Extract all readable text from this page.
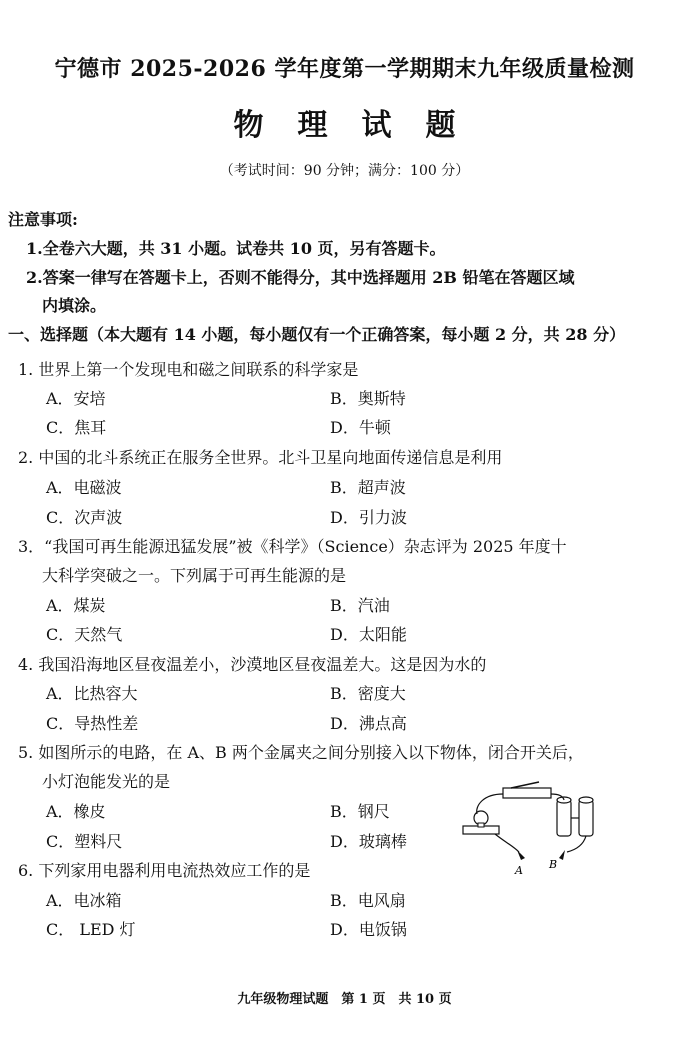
宁德市 2025-2026 学年度第一学期期末九年级质量检测
物理试题
（考试时间：90 分钟；满分：100 分）
注意事项:
1.全卷六大题，共 31 小题。试卷共 10 页，另有答题卡。
2.答案一律写在答题卡上，否则不能得分，其中选择题用 2B 铅笔在答题区域
内填涂。
一、选择题（本大题有 14 小题，每小题仅有一个正确答案，每小题 2 分，共 28 分）
1. 世界上第一个发现电和磁之间联系的科学家是
A．安培	B．奥斯特
C．焦耳	D．牛顿
2. 中国的北斗系统正在服务全世界。北斗卫星向地面传递信息是利用
A．电磁波	B．超声波
C．次声波	D．引力波
3．“我国可再生能源迅猛发展”被《科学》（Science）杂志评为 2025 年度十
大科学突破之一。下列属于可再生能源的是
A．煤炭	B．汽油
C．天然气	D．太阳能
4. 我国沿海地区昼夜温差小，沙漠地区昼夜温差大。这是因为水的
A．比热容大	B．密度大
C．导热性差	D．沸点高
5. 如图所示的电路，在 A、B 两个金属夹之间分别接入以下物体，闭合开关后，
小灯泡能发光的是
A．橡皮	B．钢尺
C．塑料尺	D．玻璃棒
A B
6. 下列家用电器利用电流热效应工作的是
A．电冰箱	B．电风扇
C． LED 灯	D．电饭锅
九年级物理试题　第 1 页　共 10 页
